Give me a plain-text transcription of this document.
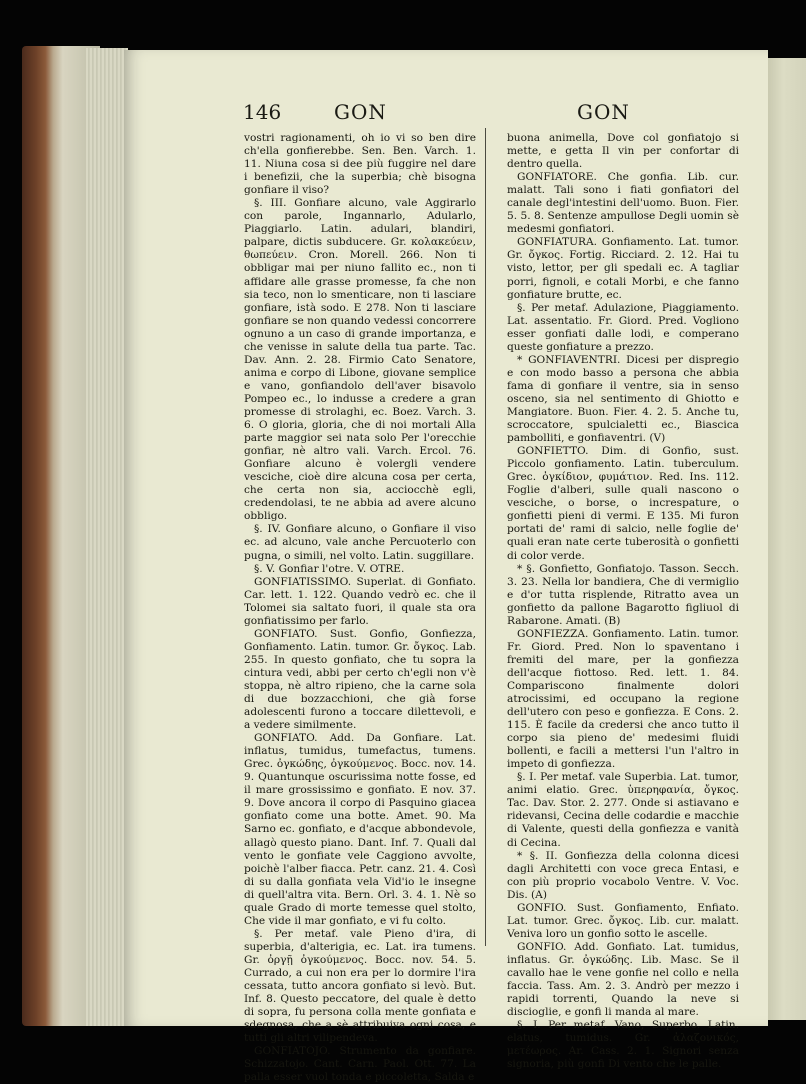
146	GON	GON

vostri ragionamenti, oh io vi so ben dire ch'ella gonfierebbe. Sen. Ben. Varch. 1. 11. Niuna cosa si dee più fuggire nel dare i benefizii, che la superbia; chè bisogna gonfiare il viso?

§. III. Gonfiare alcuno, vale Aggirarlo con parole, Ingannarlo, Adularlo, Piaggiarlo. Latin. adulari, blandiri, palpare, dictis subducere. Gr. κολακεύειν, θωπεύειν. Cron. Morell. 266. Non ti obbligar mai per niuno fallito ec., non ti affidare alle grasse promesse, fa che non sia teco, non lo smenticare, non ti lasciare gonfiare, istà sodo. E 278. Non ti lasciare gonfiare se non quando vedessi concorrere ognuno a un caso di grande importanza, e che venisse in salute della tua parte. Tac. Dav. Ann. 2. 28. Firmio Cato Senatore, anima e corpo di Libone, giovane semplice e vano, gonfiandolo dell'aver bisavolo Pompeo ec., lo indusse a credere a gran promesse di strolaghi, ec. Boez. Varch. 3. 6. O gloria, gloria, che di noi mortali Alla parte maggior sei nata solo Per l'orecchie gonfiar, nè altro vali. Varch. Ercol. 76. Gonfiare alcuno è volergli vendere vesciche, cioè dire alcuna cosa per certa, che certa non sia, acciocchè egli, credendolasi, te ne abbia ad avere alcuno obbligo.

§. IV. Gonfiare alcuno, o Gonfiare il viso ec. ad alcuno, vale anche Percuoterlo con pugna, o simili, nel volto. Latin. suggillare.

§. V. Gonfiar l'otre. V. OTRE.

GONFIATISSIMO. Superlat. di Gonfiato. Car. lett. 1. 122. Quando vedrò ec. che il Tolomei sia saltato fuori, il quale sta ora gonfiatissimo per farlo.

GONFIATO. Sust. Gonfio, Gonfiezza, Gonfiamento. Latin. tumor. Gr. ὄγκος. Lab. 255. In questo gonfiato, che tu sopra la cintura vedi, abbi per certo ch'egli non v'è stoppa, nè altro ripieno, che la carne sola di due bozzacchioni, che già forse adolescenti furono a toccare dilettevoli, e a vedere similmente.

GONFIATO. Add. Da Gonfiare. Lat. inflatus, tumidus, tumefactus, tumens. Grec. ὀγκώδης, ὀγκούμενος. Bocc. nov. 14. 9. Quantunque oscurissima notte fosse, ed il mare grossissimo e gonfiato. E nov. 37. 9. Dove ancora il corpo di Pasquino giacea gonfiato come una botte. Amet. 90. Ma Sarno ec. gonfiato, e d'acque abbondevole, allagò questo piano. Dant. Inf. 7. Quali dal vento le gonfiate vele Caggiono avvolte, poichè l'alber fiacca. Petr. canz. 21. 4. Così di su dalla gonfiata vela Vid'io le insegne di quell'altra vita. Bern. Orl. 3. 4. 1. Nè so quale Grado di morte temesse quel stolto, Che vide il mar gonfiato, e vi fu colto.

§. Per metaf. vale Pieno d'ira, di superbia, d'alterigia, ec. Lat. ira tumens. Gr. ὀργῇ ὀγκούμενος. Bocc. nov. 54. 5. Currado, a cui non era per lo dormire l'ira cessata, tutto ancora gonfiato si levò. But. Inf. 8. Questo peccatore, del quale è detto di sopra, fu persona colla mente gonfiata e sdegnosa, che a sè attribuiva ogni cosa, e tutti gli altri vilipendeva.

GONFIATOJO. Strumento da gonfiare. Schizzatojo. Cant. Carn. Paol. Ott. 77. La palla esser vuol tonda e piccoletta, Salda e

buona animella, Dove col gonfiatojo si mette, e getta Il vin per confortar di dentro quella.

GONFIATORE. Che gonfia. Lib. cur. malatt. Tali sono i fiati gonfiatori del canale degl'intestini dell'uomo. Buon. Fier. 5. 5. 8. Sentenze ampullose Degli uomin sè medesmi gonfiatori.

GONFIATURA. Gonfiamento. Lat. tumor. Gr. ὄγκος. Fortig. Ricciard. 2. 12. Hai tu visto, lettor, per gli spedali ec. A tagliar porri, fignoli, e cotali Morbi, e che fanno gonfiature brutte, ec.

§. Per metaf. Adulazione, Piaggiamento. Lat. assentatio. Fr. Giord. Pred. Vogliono esser gonfiati dalle lodi, e comperano queste gonfiature a prezzo.

* GONFIAVENTRI. Dicesi per dispregio e con modo basso a persona che abbia fama di gonfiare il ventre, sia in senso osceno, sia nel sentimento di Ghiotto e Mangiatore. Buon. Fier. 4. 2. 5. Anche tu, scroccatore, spulcialetti ec., Biascica pambolliti, e gonfiaventri. (V)

GONFIETTO. Dim. di Gonfio, sust. Piccolo gonfiamento. Latin. tuberculum. Grec. ὀγκίδιον, φυμάτιον. Red. Ins. 112. Foglie d'alberi, sulle quali nascono o vesciche, o borse, o increspature, o gonfietti pieni di vermi. E 135. Mi furon portati de' rami di salcio, nelle foglie de' quali eran nate certe tuberosità o gonfietti di color verde.

* §. Gonfietto, Gonfiatojo. Tasson. Secch. 3. 23. Nella lor bandiera, Che di vermiglio e d'or tutta risplende, Ritratto avea un gonfietto da pallone Bagarotto figliuol di Rabarone. Amati. (B)

GONFIEZZA. Gonfiamento. Latin. tumor. Fr. Giord. Pred. Non lo spaventano i fremiti del mare, per la gonfiezza dell'acque fiottoso. Red. lett. 1. 84. Compariscono finalmente dolori atrocissimi, ed occupano la regione dell'utero con peso e gonfiezza. E Cons. 2. 115. È facile da credersi che anco tutto il corpo sia pieno de' medesimi fluidi bollenti, e facili a mettersi l'un l'altro in impeto di gonfiezza.

§. I. Per metaf. vale Superbia. Lat. tumor, animi elatio. Grec. ὑπερηφανία, ὄγκος. Tac. Dav. Stor. 2. 277. Onde si astiavano e ridevansi, Cecina delle codardie e macchie di Valente, questi della gonfiezza e vanità di Cecina.

* §. II. Gonfiezza della colonna dicesi dagli Architetti con voce greca Entasi, e con più proprio vocabolo Ventre. V. Voc. Dis. (A)

GONFIO. Sust. Gonfiamento, Enfiato. Lat. tumor. Grec. ὄγκος. Lib. cur. malatt. Veniva loro un gonfio sotto le ascelle.

GONFIO. Add. Gonfiato. Lat. tumidus, inflatus. Gr. ὀγκώδης. Lib. Masc. Se il cavallo hae le vene gonfie nel collo e nella faccia. Tass. Am. 2. 3. Andrò per mezzo i rapidi torrenti, Quando la neve si discioglie, e gonfi li manda al mare.

§. I. Per metaf. Vano, Superbo. Latin. elatus, tumidus. Gr. ἀλαζονικός, μετέωρος. Ar. Cass. 2. 1. Signori senza signoria, più gonfi Di vento che le palle.
